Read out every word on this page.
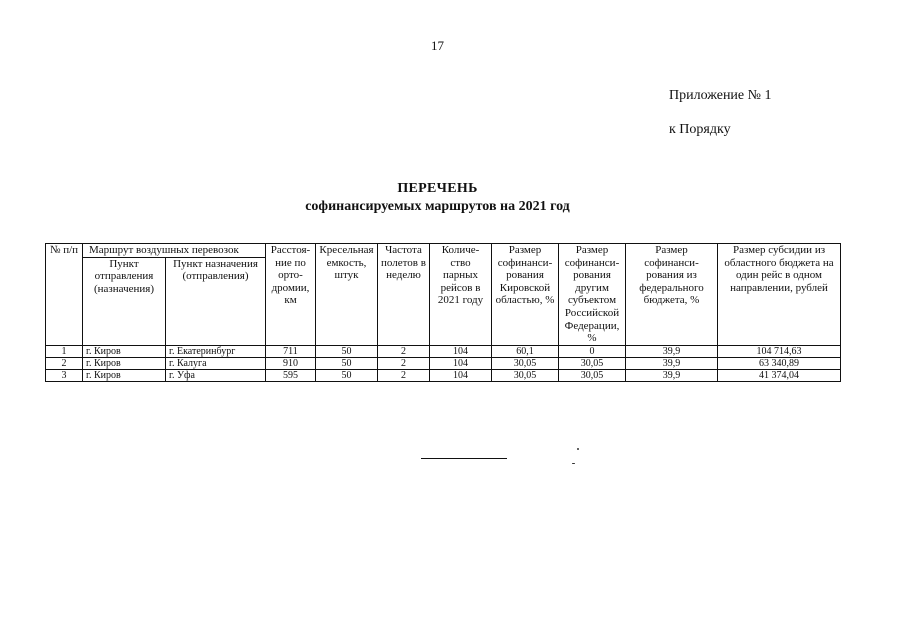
17
Приложение № 1
к Порядку
ПЕРЕЧЕНЬ
софинансируемых маршрутов на 2021 год
№ п/п	Маршрут воздушных перевозок		Расстоя-ние по орто-дромии, км	Кресельная емкость, штук	Частота полетов в неделю	Количе-ство парных рейсов в 2021 году	Размер софинанси-рования Кировской областью, %	Размер софинанси-рования другим субъектом Российской Федерации, %	Размер софинанси-рования из федерального бюджета, %	Размер субсидии из областного бюджета на один рейс в одном направлении, рублей
	Пункт отправления (назначения)	Пункт назначения (отправления)								
1	г. Киров	г. Екатеринбург	711	50	2	104	60,1	0	39,9	104 714,63
2	г. Киров	г. Калуга	910	50	2	104	30,05	30,05	39,9	63 340,89
3	г. Киров	г. Уфа	595	50	2	104	30,05	30,05	39,9	41 374,04
